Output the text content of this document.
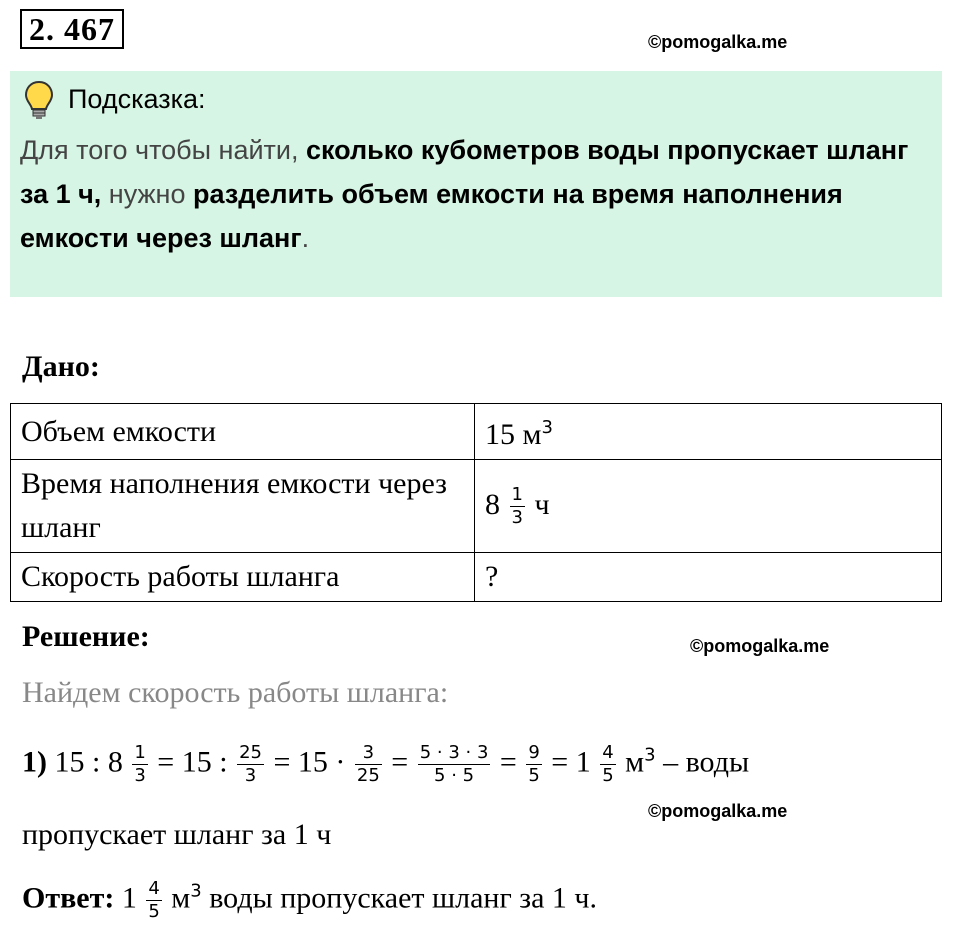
2. 467	©pomogalka.me
Подсказка:
Для того чтобы найти, сколько кубометров воды пропускает шланг за 1 ч, нужно разделить объем емкости на время наполнения емкости через шланг.
Дано:
Объем емкости	15 $м^3$
Время наполнения емкости через шланг	$8 \frac{1}{3}$ ч
Скорость работы шланга	?
Решение:	©pomogalka.me
Найдем скорость работы шланга:
1) 15 : $8 \frac{1}{3} = 15$ : $\frac{25}{3} = 15 \cdot \frac{3}{25} = \frac{5 \cdot 3 \cdot 3}{5 \cdot 5} = \frac{9}{5} = 1 \frac{4}{5} м^3$ – воды
©pomogalka.me
пропускает шланг за 1 ч
Ответ: $1 \frac{4}{5} м^3$ воды пропускает шланг за 1 ч.
